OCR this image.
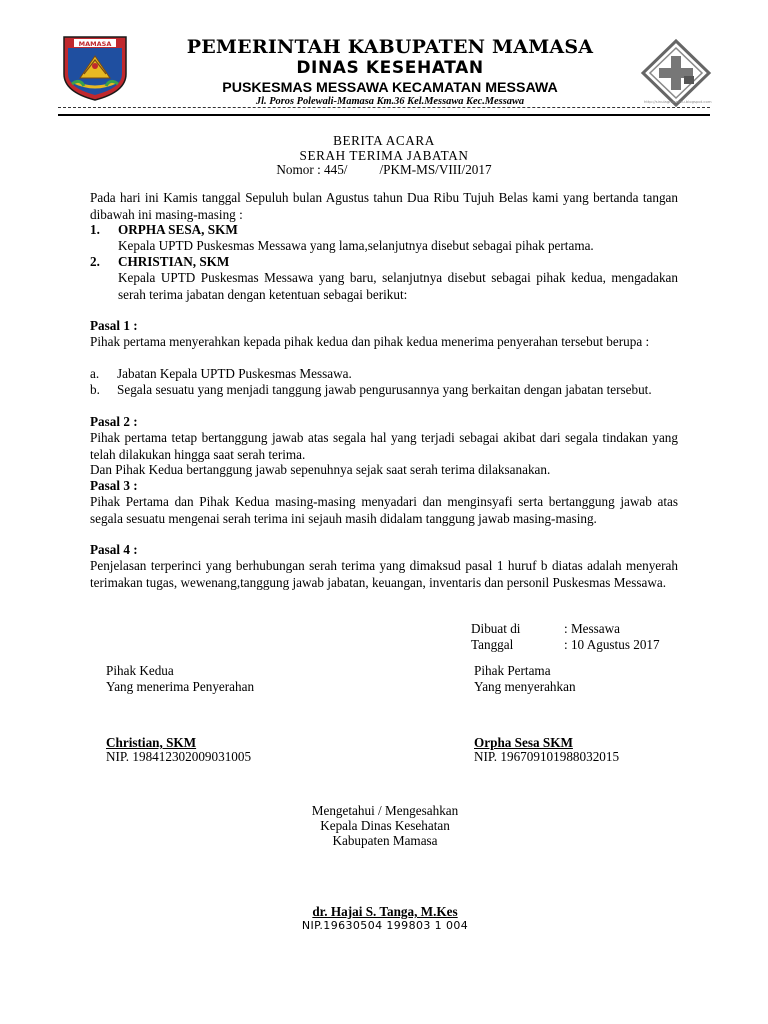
MAMASA	PEMERINTAH KABUPATEN MAMASA
DINAS KESEHATAN
PUSKESMAS MESSAWA KECAMATAN MESSAWA
Jl. Poros Polewali-Mamasa Km.36 Kel.Messawa Kec.Messawa	http://sinulagmbahku.blogspot.com
BERITA ACARA
SERAH TERIMA JABATAN
Nomor : 445/ /PKM-MS/VIII/2017
Pada hari ini Kamis tanggal Sepuluh bulan Agustus tahun Dua Ribu Tujuh Belas kami yang bertanda tangan dibawah ini masing-masing :
1. ORPHA SESA, SKM
Kepala UPTD Puskesmas Messawa yang lama,selanjutnya disebut sebagai pihak pertama.
2. CHRISTIAN, SKM
Kepala UPTD Puskesmas Messawa yang baru, selanjutnya disebut sebagai pihak kedua, mengadakan serah terima jabatan dengan ketentuan sebagai berikut:
Pasal 1 :
Pihak pertama menyerahkan kepada pihak kedua dan pihak kedua menerima penyerahan tersebut berupa :
a. Jabatan Kepala UPTD Puskesmas Messawa.
b. Segala sesuatu yang menjadi tanggung jawab pengurusannya yang berkaitan dengan jabatan tersebut.
Pasal 2 :
Pihak pertama tetap bertanggung jawab atas segala hal yang terjadi sebagai akibat dari segala tindakan yang telah dilakukan hingga saat serah terima.
Dan Pihak Kedua bertanggung jawab sepenuhnya sejak saat serah terima dilaksanakan.
Pasal 3 :
Pihak Pertama dan Pihak Kedua masing-masing menyadari dan menginsyafi serta bertanggung jawab atas segala sesuatu mengenai serah terima ini sejauh masih didalam tanggung jawab masing-masing.
Pasal 4 :
Penjelasan terperinci yang berhubungan serah terima yang dimaksud pasal 1 huruf b diatas adalah menyerah terimakan tugas, wewenang,tanggung jawab jabatan, keuangan, inventaris dan personil Puskesmas Messawa.
Dibuat di	: Messawa
Tanggal	: 10 Agustus 2017
Pihak Kedua
Yang menerima Penyerahan
Christian, SKM
NIP. 198412302009031005
Pihak Pertama
Yang menyerahkan
Orpha Sesa SKM
NIP. 196709101988032015
Mengetahui / Mengesahkan
Kepala Dinas Kesehatan
Kabupaten Mamasa
dr. Hajai S. Tanga, M.Kes
NIP.19630504 199803 1 004
